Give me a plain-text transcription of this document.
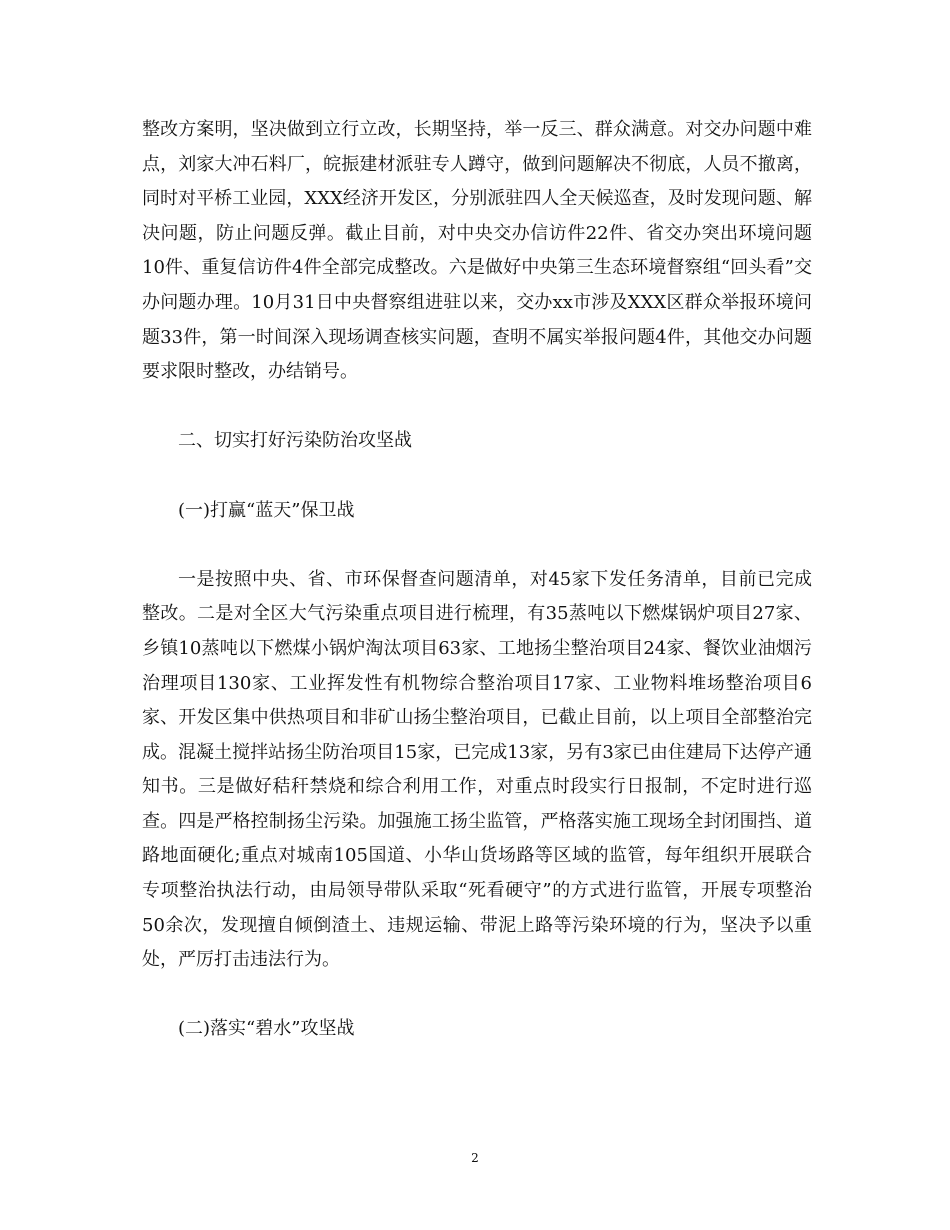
整改方案明，坚决做到立行立改，长期坚持，举一反三、群众满意。对交办问题中难点，刘家大冲石料厂，皖振建材派驻专人蹲守，做到问题解决不彻底，人员不撤离，同时对平桥工业园，XXX经济开发区，分别派驻四人全天候巡查，及时发现问题、解决问题，防止问题反弹。截止目前，对中央交办信访件22件、省交办突出环境问题10件、重复信访件4件全部完成整改。六是做好中央第三生态环境督察组“回头看”交办问题办理。10月31日中央督察组进驻以来，交办xx市涉及XXX区群众举报环境问题33件，第一时间深入现场调查核实问题，查明不属实举报问题4件，其他交办问题要求限时整改，办结销号。

二、切实打好污染防治攻坚战

(一)打赢“蓝天”保卫战

一是按照中央、省、市环保督查问题清单，对45家下发任务清单，目前已完成整改。二是对全区大气污染重点项目进行梳理，有35蒸吨以下燃煤锅炉项目27家、乡镇10蒸吨以下燃煤小锅炉淘汰项目63家、工地扬尘整治项目24家、餐饮业油烟污治理项目130家、工业挥发性有机物综合整治项目17家、工业物料堆场整治项目6家、开发区集中供热项目和非矿山扬尘整治项目，已截止目前，以上项目全部整治完成。混凝土搅拌站扬尘防治项目15家，已完成13家，另有3家已由住建局下达停产通知书。三是做好秸秆禁烧和综合利用工作，对重点时段实行日报制，不定时进行巡查。四是严格控制扬尘污染。加强施工扬尘监管，严格落实施工现场全封闭围挡、道路地面硬化;重点对城南105国道、小华山货场路等区域的监管，每年组织开展联合专项整治执法行动，由局领导带队采取“死看硬守”的方式进行监管，开展专项整治50余次，发现擅自倾倒渣土、违规运输、带泥上路等污染环境的行为，坚决予以重处，严厉打击违法行为。

(二)落实“碧水”攻坚战

2
